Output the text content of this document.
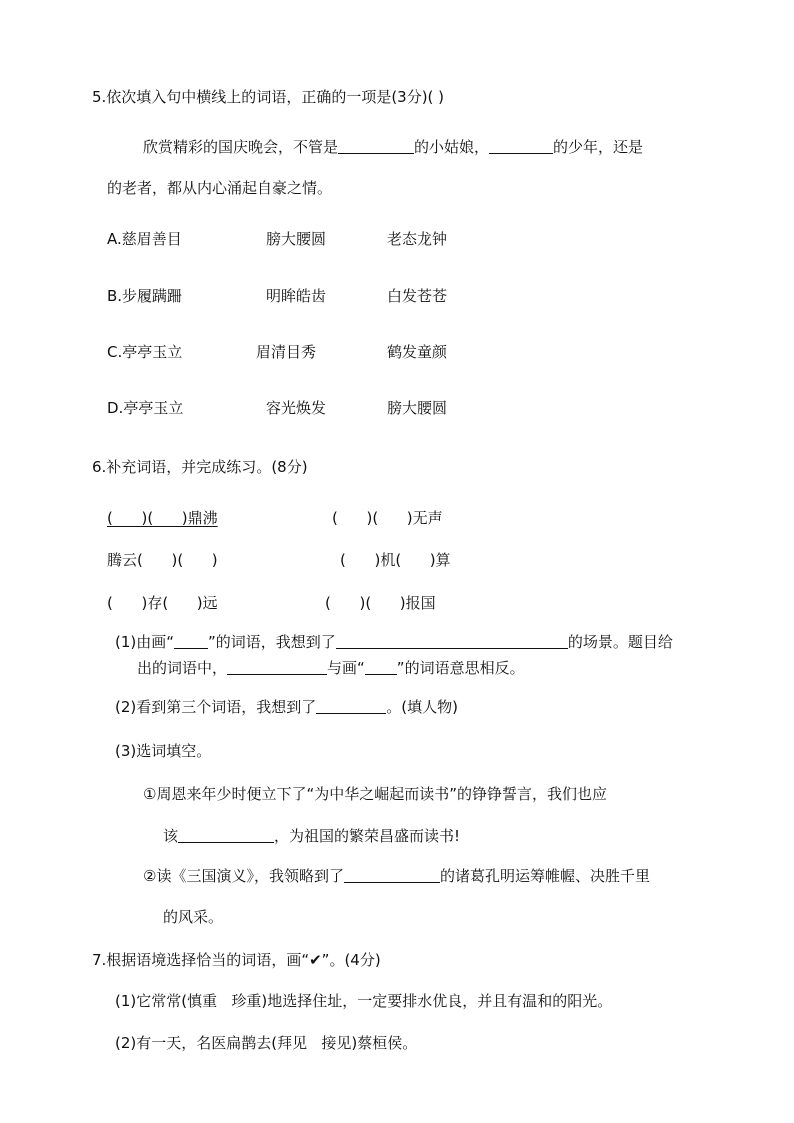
5.依次填入句中横线上的词语，正确的一项是(3分)( )
欣赏精彩的国庆晚会，不管是	的小姑娘，	的少年，还是
的老者，都从内心涌起自豪之情。
A.慈眉善目	膀大腰圆	老态龙钟
B.步履蹒跚	明眸皓齿	白发苍苍
C.亭亭玉立	眉清目秀	鹤发童颜
D.亭亭玉立	容光焕发	膀大腰圆
6.补充词语，并完成练习。(8分)
(      )(      )鼎沸	(      )(      )无声
腾云(      )(      )	(      )机(      )算
(      )存(      )远	(      )(      )报国
(1)由画“ ”的词语，我想到了	的场景。题目给
出的词语中，	与画“ ”的词语意思相反。
(2)看到第三个词语，我想到了	。(填人物)
(3)选词填空。
①周恩来年少时便立下了“为中华之崛起而读书”的铮铮誓言，我们也应
该	，为祖国的繁荣昌盛而读书!
②读《三国演义》，我领略到了	的诸葛孔明运筹帷幄、决胜千里
的风采。
7.根据语境选择恰当的词语，画“✔”。(4分)
(1)它常常(慎重   珍重)地选择住址，一定要排水优良，并且有温和的阳光。
(2)有一天，名医扁鹊去(拜见   接见)蔡桓侯。
